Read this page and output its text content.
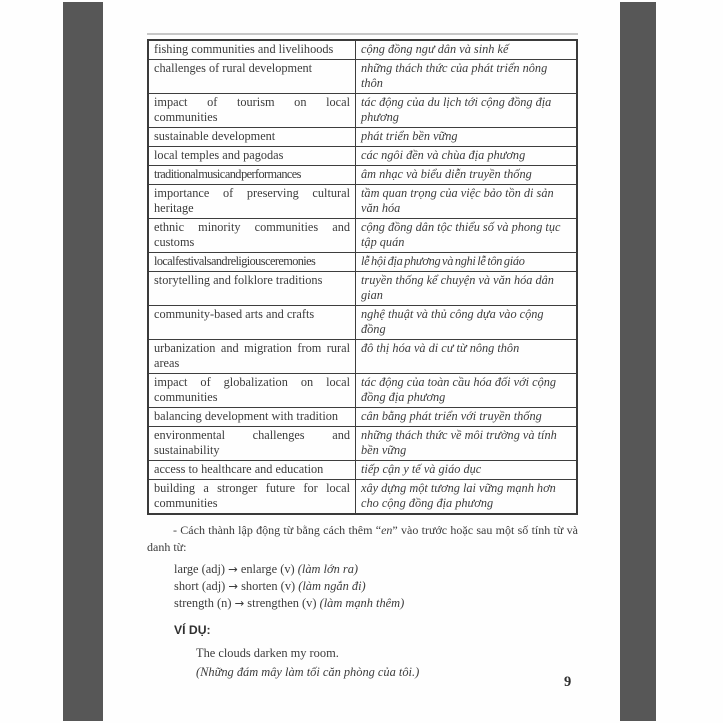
fishing communities and livelihoods	cộng đồng ngư dân và sinh kế
challenges of rural development	những thách thức của phát triển nông thôn
impact of tourism on local communities	tác động của du lịch tới cộng đồng địa phương
sustainable development	phát triển bền vững
local temples and pagodas	các ngôi đền và chùa địa phương
traditional music and performances	âm nhạc và biểu diễn truyền thống
importance of preserving cultural heritage	tầm quan trọng của việc bảo tồn di sản văn hóa
ethnic minority communities and customs	cộng đồng dân tộc thiểu số và phong tục tập quán
local festivals and religious ceremonies	lễ hội địa phương và nghi lễ tôn giáo
storytelling and folklore traditions	truyền thống kể chuyện và văn hóa dân gian
community-based arts and crafts	nghệ thuật và thủ công dựa vào cộng đồng
urbanization and migration from rural areas	đô thị hóa và di cư từ nông thôn
impact of globalization on local communities	tác động của toàn cầu hóa đối với cộng đồng địa phương
balancing development with tradition	cân bằng phát triển với truyền thống
environmental challenges and sustainability	những thách thức về môi trường và tính bền vững
access to healthcare and education	tiếp cận y tế và giáo dục
building a stronger future for local communities	xây dựng một tương lai vững mạnh hơn cho cộng đồng địa phương

- Cách thành lập động từ bằng cách thêm “en” vào trước hoặc sau một số tính từ và danh từ:

large (adj) → enlarge (v) (làm lớn ra)

short (adj) → shorten (v) (làm ngắn đi)

strength (n) → strengthen (v) (làm mạnh thêm)

VÍ DỤ:

The clouds darken my room.

(Những đám mây làm tối căn phòng của tôi.)

9
